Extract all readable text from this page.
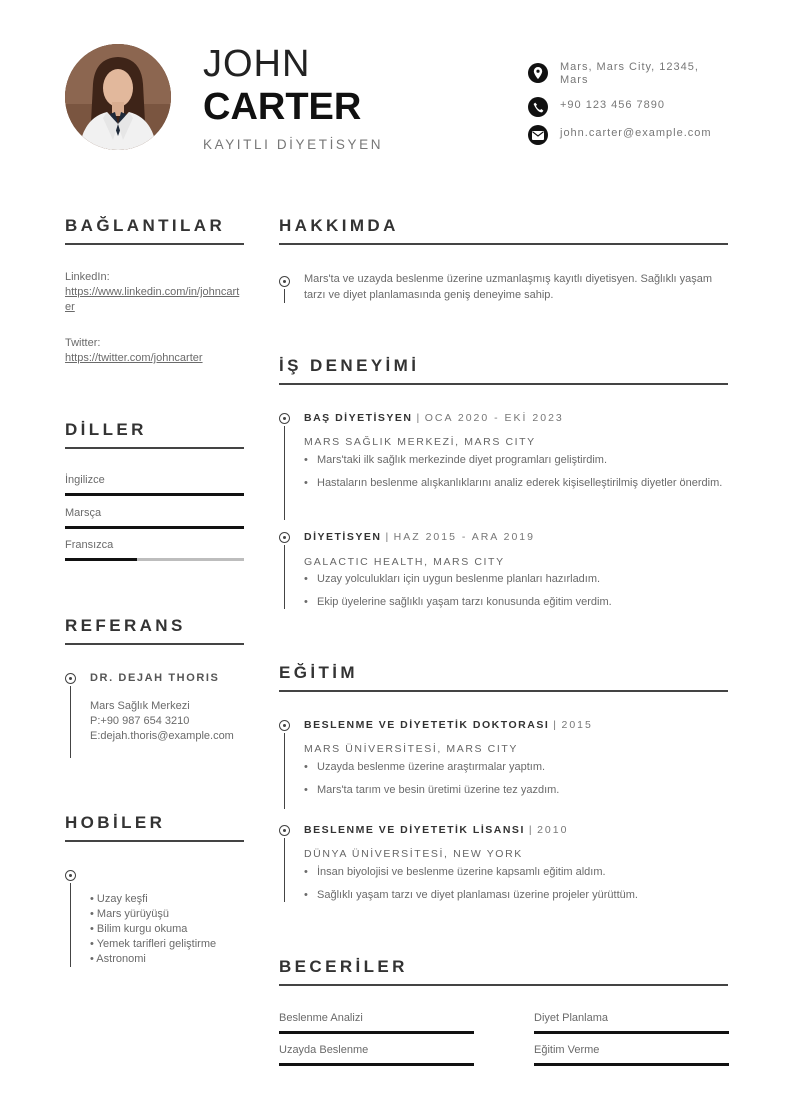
JOHN
CARTER
KAYITLI DİYETİSYEN
Mars, Mars City, 12345, Mars
+90 123 456 7890
john.carter@example.com
BAĞLANTILAR
LinkedIn:
https://www.linkedin.com/in/johncarter
Twitter:
https://twitter.com/johncarter
DİLLER
İngilizce
Marsça
Fransızca
REFERANS
DR. DEJAH THORIS
Mars Sağlık Merkezi
P:+90 987 654 3210
E:dejah.thoris@example.com
HOBİLER
• Uzay keşfi
• Mars yürüyüşü
• Bilim kurgu okuma
• Yemek tarifleri geliştirme
• Astronomi
HAKKIMDA
Mars'ta ve uzayda beslenme üzerine uzmanlaşmış kayıtlı diyetisyen. Sağlıklı yaşam tarzı ve diyet planlamasında geniş deneyime sahip.
İŞ DENEYİMİ
BAŞ DİYETİSYEN | OCA 2020 - EKİ 2023
MARS SAĞLIK MERKEZİ, MARS CITY
• Mars'taki ilk sağlık merkezinde diyet programları geliştirdim.
• Hastaların beslenme alışkanlıklarını analiz ederek kişiselleştirilmiş diyetler önerdim.
DİYETİSYEN | HAZ 2015 - ARA 2019
GALACTIC HEALTH, MARS CITY
• Uzay yolculukları için uygun beslenme planları hazırladım.
• Ekip üyelerine sağlıklı yaşam tarzı konusunda eğitim verdim.
EĞİTİM
BESLENME VE DİYETETİK DOKTORASI | 2015
MARS ÜNİVERSİTESİ, MARS CITY
• Uzayda beslenme üzerine araştırmalar yaptım.
• Mars'ta tarım ve besin üretimi üzerine tez yazdım.
BESLENME VE DİYETETİK LİSANSI | 2010
DÜNYA ÜNİVERSİTESİ, NEW YORK
• İnsan biyolojisi ve beslenme üzerine kapsamlı eğitim aldım.
• Sağlıklı yaşam tarzı ve diyet planlaması üzerine projeler yürüttüm.
BECERİLER
Beslenme Analizi	Diyet Planlama
Uzayda Beslenme	Eğitim Verme
